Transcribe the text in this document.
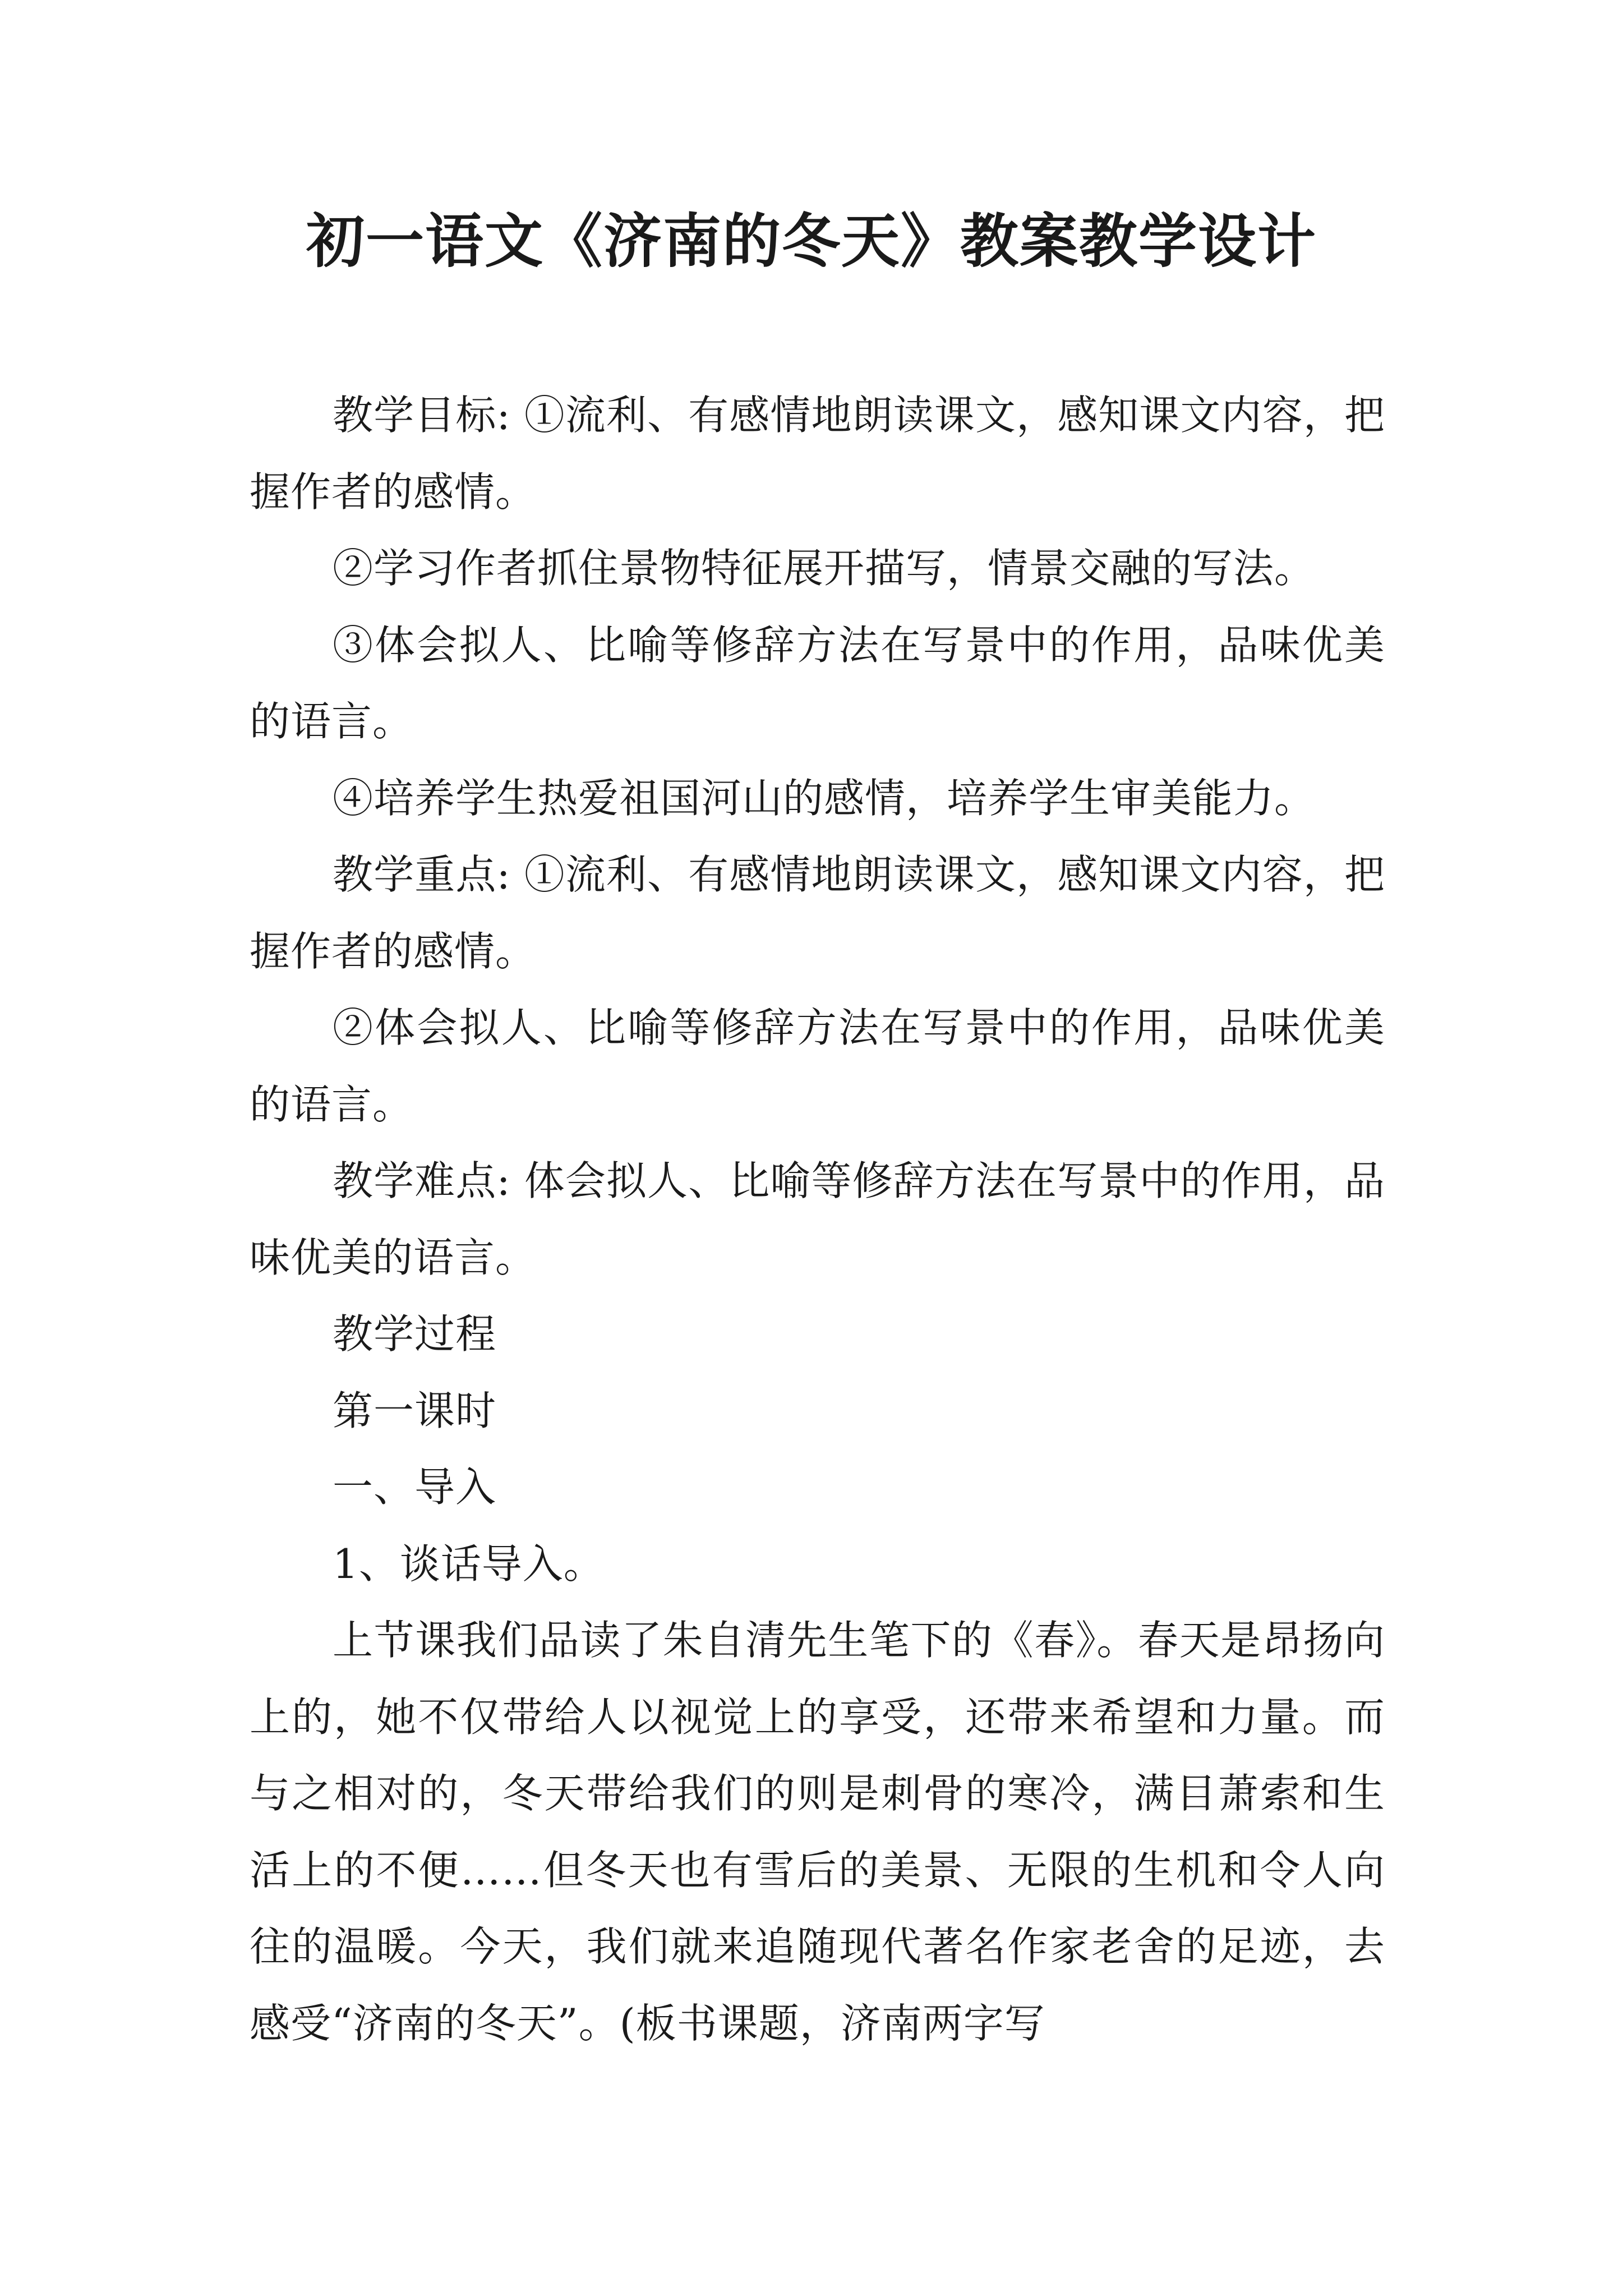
初一语文《济南的冬天》教案教学设计

教学目标: ①流利、有感情地朗读课文，感知课文内容，把握作者的感情。

②学习作者抓住景物特征展开描写，情景交融的写法。

③体会拟人、比喻等修辞方法在写景中的作用，品味优美的语言。

④培养学生热爱祖国河山的感情，培养学生审美能力。

教学重点: ①流利、有感情地朗读课文，感知课文内容，把握作者的感情。

②体会拟人、比喻等修辞方法在写景中的作用，品味优美的语言。

教学难点: 体会拟人、比喻等修辞方法在写景中的作用，品味优美的语言。

教学过程

第一课时

一、导入

1、谈话导入。

上节课我们品读了朱自清先生笔下的《春》。春天是昂扬向上的，她不仅带给人以视觉上的享受，还带来希望和力量。而与之相对的，冬天带给我们的则是刺骨的寒冷，满目萧索和生活上的不便……但冬天也有雪后的美景、无限的生机和令人向往的温暖。今天，我们就来追随现代著名作家老舍的足迹，去感受“济南的冬天”。(板书课题，济南两字写
